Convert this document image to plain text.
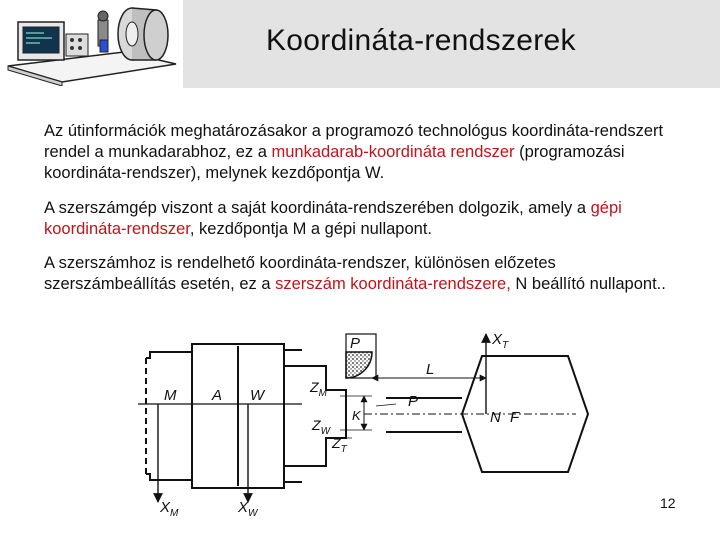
Koordináta-rendszerek
Az útinformációk meghatározásakor a programozó technológus koordináta-rendszert rendel a munkadarabhoz, ez a munkadarab-koordináta rendszer (programozási koordináta-rendszer), melynek kezdőpontja W.
A szerszámgép viszont a saját koordináta-rendszerében dolgozik, amely a gépi koordináta-rendszer, kezdőpontja M a gépi nullapont.
A szerszámhoz is rendelhető koordináta-rendszer, különösen előzetes szerszámbeállítás esetén, ez a szerszám koordináta-rendszere, N beállító nullapont..
M A W
P
P
L
K	N F
$Z_M$
$Z_W$
$Z_T$
$X_T$
$X_M$	$X_W$
12
